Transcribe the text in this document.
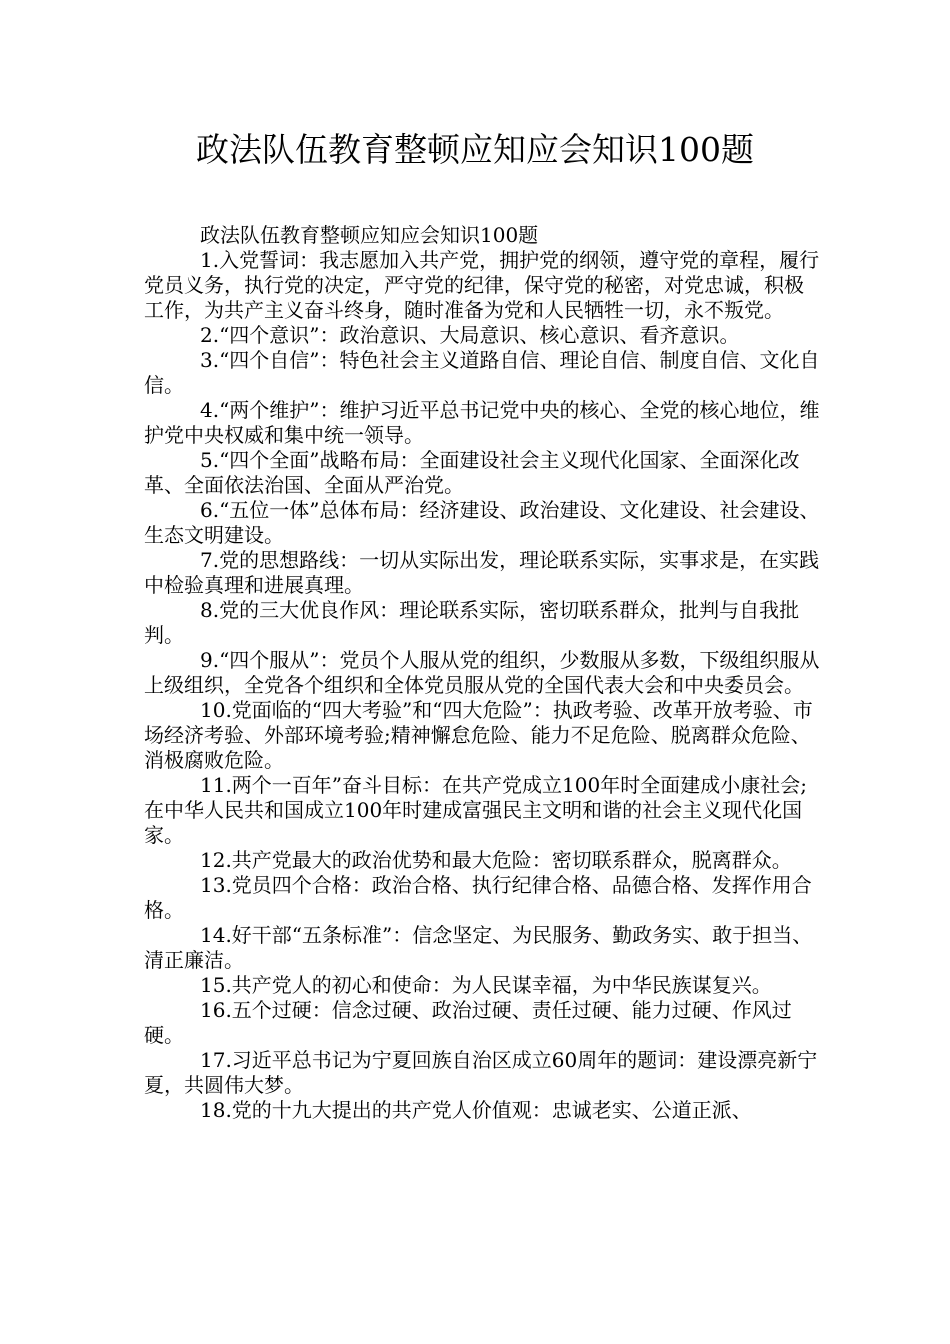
政法队伍教育整顿应知应会知识100题

政法队伍教育整顿应知应会知识100题

1.入党誓词：我志愿加入共产党，拥护党的纲领，遵守党的章程，履行党员义务，执行党的决定，严守党的纪律，保守党的秘密，对党忠诚，积极工作，为共产主义奋斗终身，随时准备为党和人民牺牲一切，永不叛党。

2.“四个意识”：政治意识、大局意识、核心意识、看齐意识。

3.“四个自信”：特色社会主义道路自信、理论自信、制度自信、文化自信。

4.“两个维护”：维护习近平总书记党中央的核心、全党的核心地位，维护党中央权威和集中统一领导。

5.“四个全面”战略布局：全面建设社会主义现代化国家、全面深化改革、全面依法治国、全面从严治党。

6.“五位一体”总体布局：经济建设、政治建设、文化建设、社会建设、生态文明建设。

7.党的思想路线：一切从实际出发，理论联系实际，实事求是，在实践中检验真理和进展真理。

8.党的三大优良作风：理论联系实际，密切联系群众，批判与自我批判。

9.“四个服从”：党员个人服从党的组织，少数服从多数，下级组织服从上级组织，全党各个组织和全体党员服从党的全国代表大会和中央委员会。

10.党面临的“四大考验”和“四大危险”：执政考验、改革开放考验、市场经济考验、外部环境考验;精神懈怠危险、能力不足危险、脱离群众危险、消极腐败危险。

11.两个一百年”奋斗目标：在共产党成立100年时全面建成小康社会;在中华人民共和国成立100年时建成富强民主文明和谐的社会主义现代化国家。

12.共产党最大的政治优势和最大危险：密切联系群众，脱离群众。

13.党员四个合格：政治合格、执行纪律合格、品德合格、发挥作用合格。

14.好干部“五条标准”：信念坚定、为民服务、勤政务实、敢于担当、清正廉洁。

15.共产党人的初心和使命：为人民谋幸福，为中华民族谋复兴。

16.五个过硬：信念过硬、政治过硬、责任过硬、能力过硬、作风过硬。

17.习近平总书记为宁夏回族自治区成立60周年的题词：建设漂亮新宁夏，共圆伟大梦。

18.党的十九大提出的共产党人价值观：忠诚老实、公道正派、
